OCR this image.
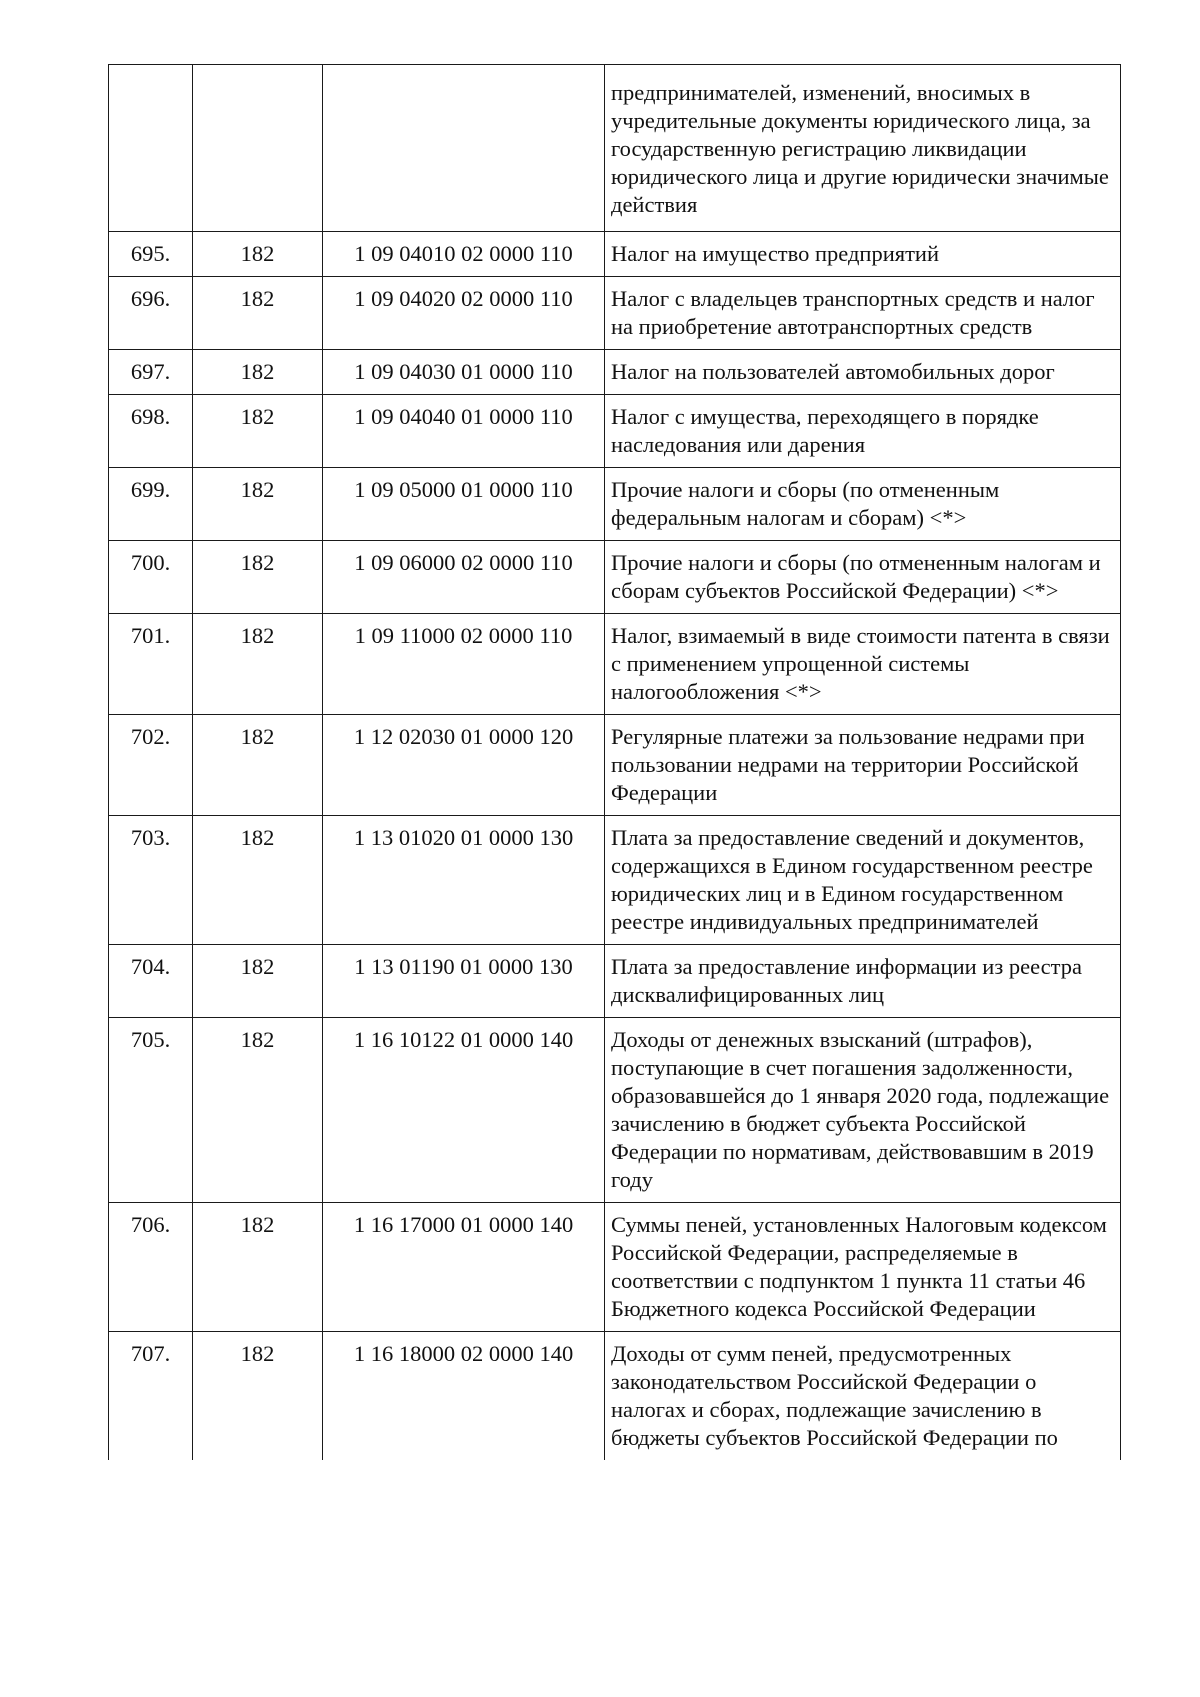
			предпринимателей, изменений, вносимых в учредительные документы юридического лица, за государственную регистрацию ликвидации юридического лица и другие юридически значимые действия
695.	182	1 09 04010 02 0000 110	Налог на имущество предприятий
696.	182	1 09 04020 02 0000 110	Налог с владельцев транспортных средств и налог на приобретение автотранспортных средств
697.	182	1 09 04030 01 0000 110	Налог на пользователей автомобильных дорог
698.	182	1 09 04040 01 0000 110	Налог с имущества, переходящего в порядке наследования или дарения
699.	182	1 09 05000 01 0000 110	Прочие налоги и сборы (по отмененным федеральным налогам и сборам) <*>
700.	182	1 09 06000 02 0000 110	Прочие налоги и сборы (по отмененным налогам и сборам субъектов Российской Федерации) <*>
701.	182	1 09 11000 02 0000 110	Налог, взимаемый в виде стоимости патента в связи с применением упрощенной системы налогообложения <*>
702.	182	1 12 02030 01 0000 120	Регулярные платежи за пользование недрами при пользовании недрами на территории Российской Федерации
703.	182	1 13 01020 01 0000 130	Плата за предоставление сведений и документов, содержащихся в Едином государственном реестре юридических лиц и в Едином государственном реестре индивидуальных предпринимателей
704.	182	1 13 01190 01 0000 130	Плата за предоставление информации из реестра дисквалифицированных лиц
705.	182	1 16 10122 01 0000 140	Доходы от денежных взысканий (штрафов), поступающие в счет погашения задолженности, образовавшейся до 1 января 2020 года, подлежащие зачислению в бюджет субъекта Российской Федерации по нормативам, действовавшим в 2019 году
706.	182	1 16 17000 01 0000 140	Суммы пеней, установленных Налоговым кодексом Российской Федерации, распределяемые в соответствии с подпунктом 1 пункта 11 статьи 46 Бюджетного кодекса Российской Федерации
707.	182	1 16 18000 02 0000 140	Доходы от сумм пеней, предусмотренных законодательством Российской Федерации о налогах и сборах, подлежащие зачислению в бюджеты субъектов Российской Федерации по
